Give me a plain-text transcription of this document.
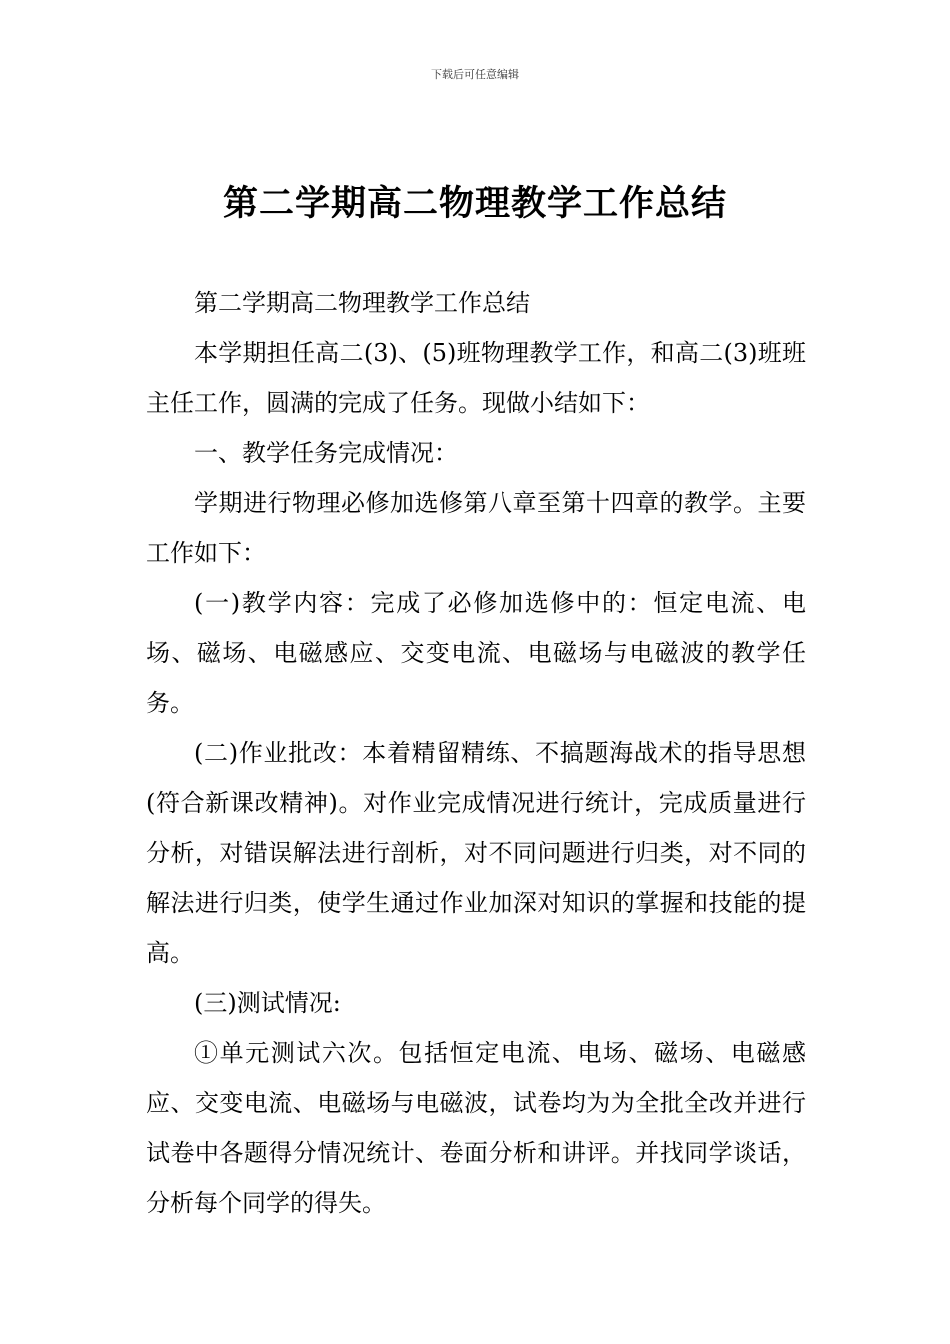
下载后可任意编辑
第二学期高二物理教学工作总结

第二学期高二物理教学工作总结

本学期担任高二(3)、(5)班物理教学工作，和高二(3)班班主任工作，圆满的完成了任务。现做小结如下：

一、教学任务完成情况：

学期进行物理必修加选修第八章至第十四章的教学。主要工作如下：

(一)教学内容：完成了必修加选修中的：恒定电流、电场、磁场、电磁感应、交变电流、电磁场与电磁波的教学任务。

(二)作业批改：本着精留精练、不搞题海战术的指导思想(符合新课改精神)。对作业完成情况进行统计，完成质量进行分析，对错误解法进行剖析，对不同问题进行归类，对不同的解法进行归类，使学生通过作业加深对知识的掌握和技能的提高。

(三)测试情况:

①单元测试六次。包括恒定电流、电场、磁场、电磁感应、交变电流、电磁场与电磁波，试卷均为为全批全改并进行试卷中各题得分情况统计、卷面分析和讲评。并找同学谈话，分析每个同学的得失。
